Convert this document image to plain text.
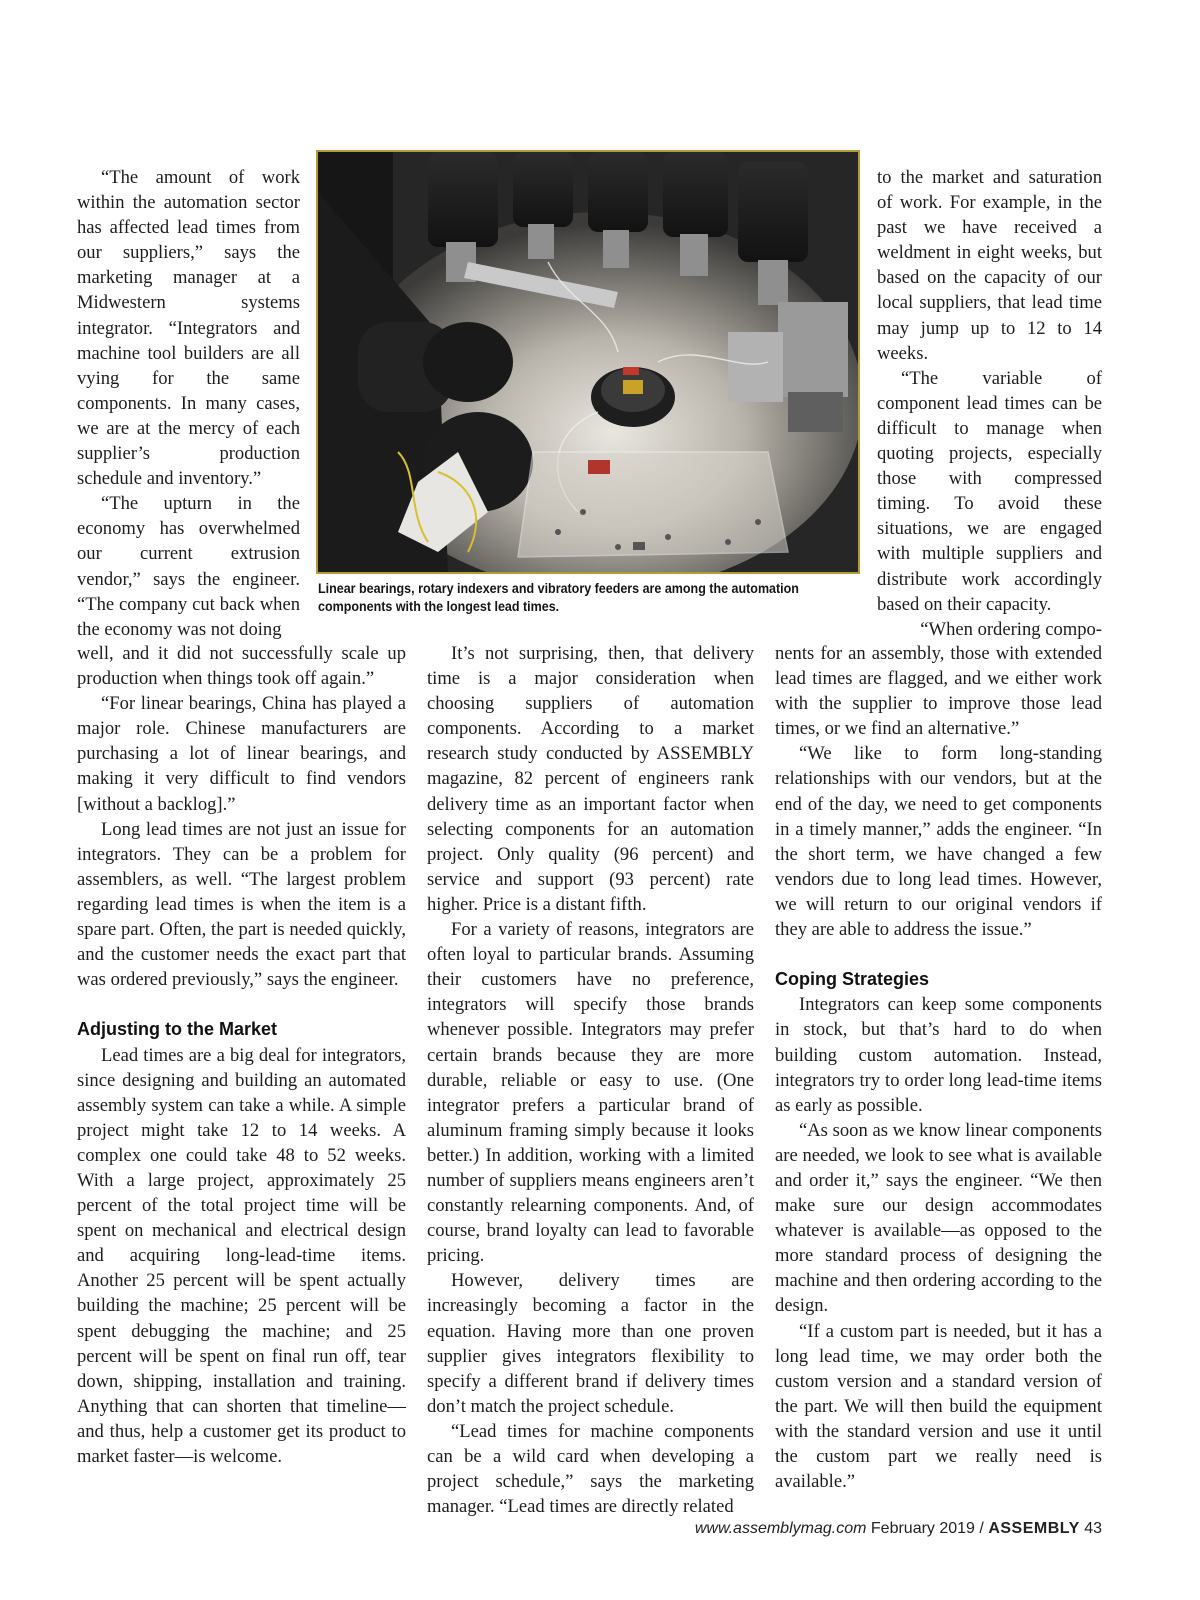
“The amount of work within the automation sector has affected lead times from our suppliers,” says the marketing manager at a Midwestern systems integrator. “Integrators and machine tool builders are all vying for the same components. In many cases, we are at the mercy of each supplier’s production schedule and inventory.”

“The upturn in the economy has overwhelmed our current extrusion vendor,” says the engineer. “The company cut back when the economy was not doing

well, and it did not successfully scale up production when things took off again.”

“For linear bearings, China has played a major role. Chinese manufacturers are purchasing a lot of linear bearings, and making it very difficult to find vendors [without a backlog].”

Long lead times are not just an issue for integrators. They can be a problem for assemblers, as well. “The largest problem regarding lead times is when the item is a spare part. Often, the part is needed quickly, and the customer needs the exact part that was ordered previously,” says the engineer.

Adjusting to the Market

Lead times are a big deal for integrators, since designing and building an automated assembly system can take a while. A simple project might take 12 to 14 weeks. A complex one could take 48 to 52 weeks. With a large project, approximately 25 percent of the total project time will be spent on mechanical and electrical design and acquiring long-lead-time items. Another 25 percent will be spent actually building the machine; 25 percent will be spent debugging the machine; and 25 percent will be spent on final run off, tear down, shipping, installation and training. Anything that can shorten that timeline—and thus, help a customer get its product to market faster—is welcome.

Linear bearings, rotary indexers and vibratory feeders are among the automation components with the longest lead times.

It’s not surprising, then, that delivery time is a major consideration when choosing suppliers of automation components. According to a market research study conducted by ASSEMBLY magazine, 82 percent of engineers rank delivery time as an important factor when selecting components for an automation project. Only quality (96 percent) and service and support (93 percent) rate higher. Price is a distant fifth.

For a variety of reasons, integrators are often loyal to particular brands. Assuming their customers have no preference, integrators will specify those brands whenever possible. Integrators may prefer certain brands because they are more durable, reliable or easy to use. (One integrator prefers a particular brand of aluminum framing simply because it looks better.) In addition, working with a limited number of suppliers means engineers aren’t constantly relearning components. And, of course, brand loyalty can lead to favorable pricing.

However, delivery times are increasingly becoming a factor in the equation. Having more than one proven supplier gives integrators flexibility to specify a different brand if delivery times don’t match the project schedule.

“Lead times for machine components can be a wild card when developing a project schedule,” says the marketing manager. “Lead times are directly related

to the market and saturation of work. For example, in the past we have received a weldment in eight weeks, but based on the capacity of our local suppliers, that lead time may jump up to 12 to 14 weeks.

“The variable of component lead times can be difficult to manage when quoting projects, especially those with compressed timing. To avoid these situations, we are engaged with multiple suppliers and distribute work accordingly based on their capacity.

“When ordering compo-

nents for an assembly, those with extended lead times are flagged, and we either work with the supplier to improve those lead times, or we find an alternative.”

“We like to form long-standing relationships with our vendors, but at the end of the day, we need to get components in a timely manner,” adds the engineer. “In the short term, we have changed a few vendors due to long lead times. However, we will return to our original vendors if they are able to address the issue.”

Coping Strategies

Integrators can keep some components in stock, but that’s hard to do when building custom automation. Instead, integrators try to order long lead-time items as early as possible.

“As soon as we know linear components are needed, we look to see what is available and order it,” says the engineer. “We then make sure our design accommodates whatever is available—as opposed to the more standard process of designing the machine and then ordering according to the design.

“If a custom part is needed, but it has a long lead time, we may order both the custom version and a standard version of the part. We will then build the equipment with the standard version and use it until the custom part we really need is available.”

www.assemblymag.com February 2019 / ASSEMBLY 43
